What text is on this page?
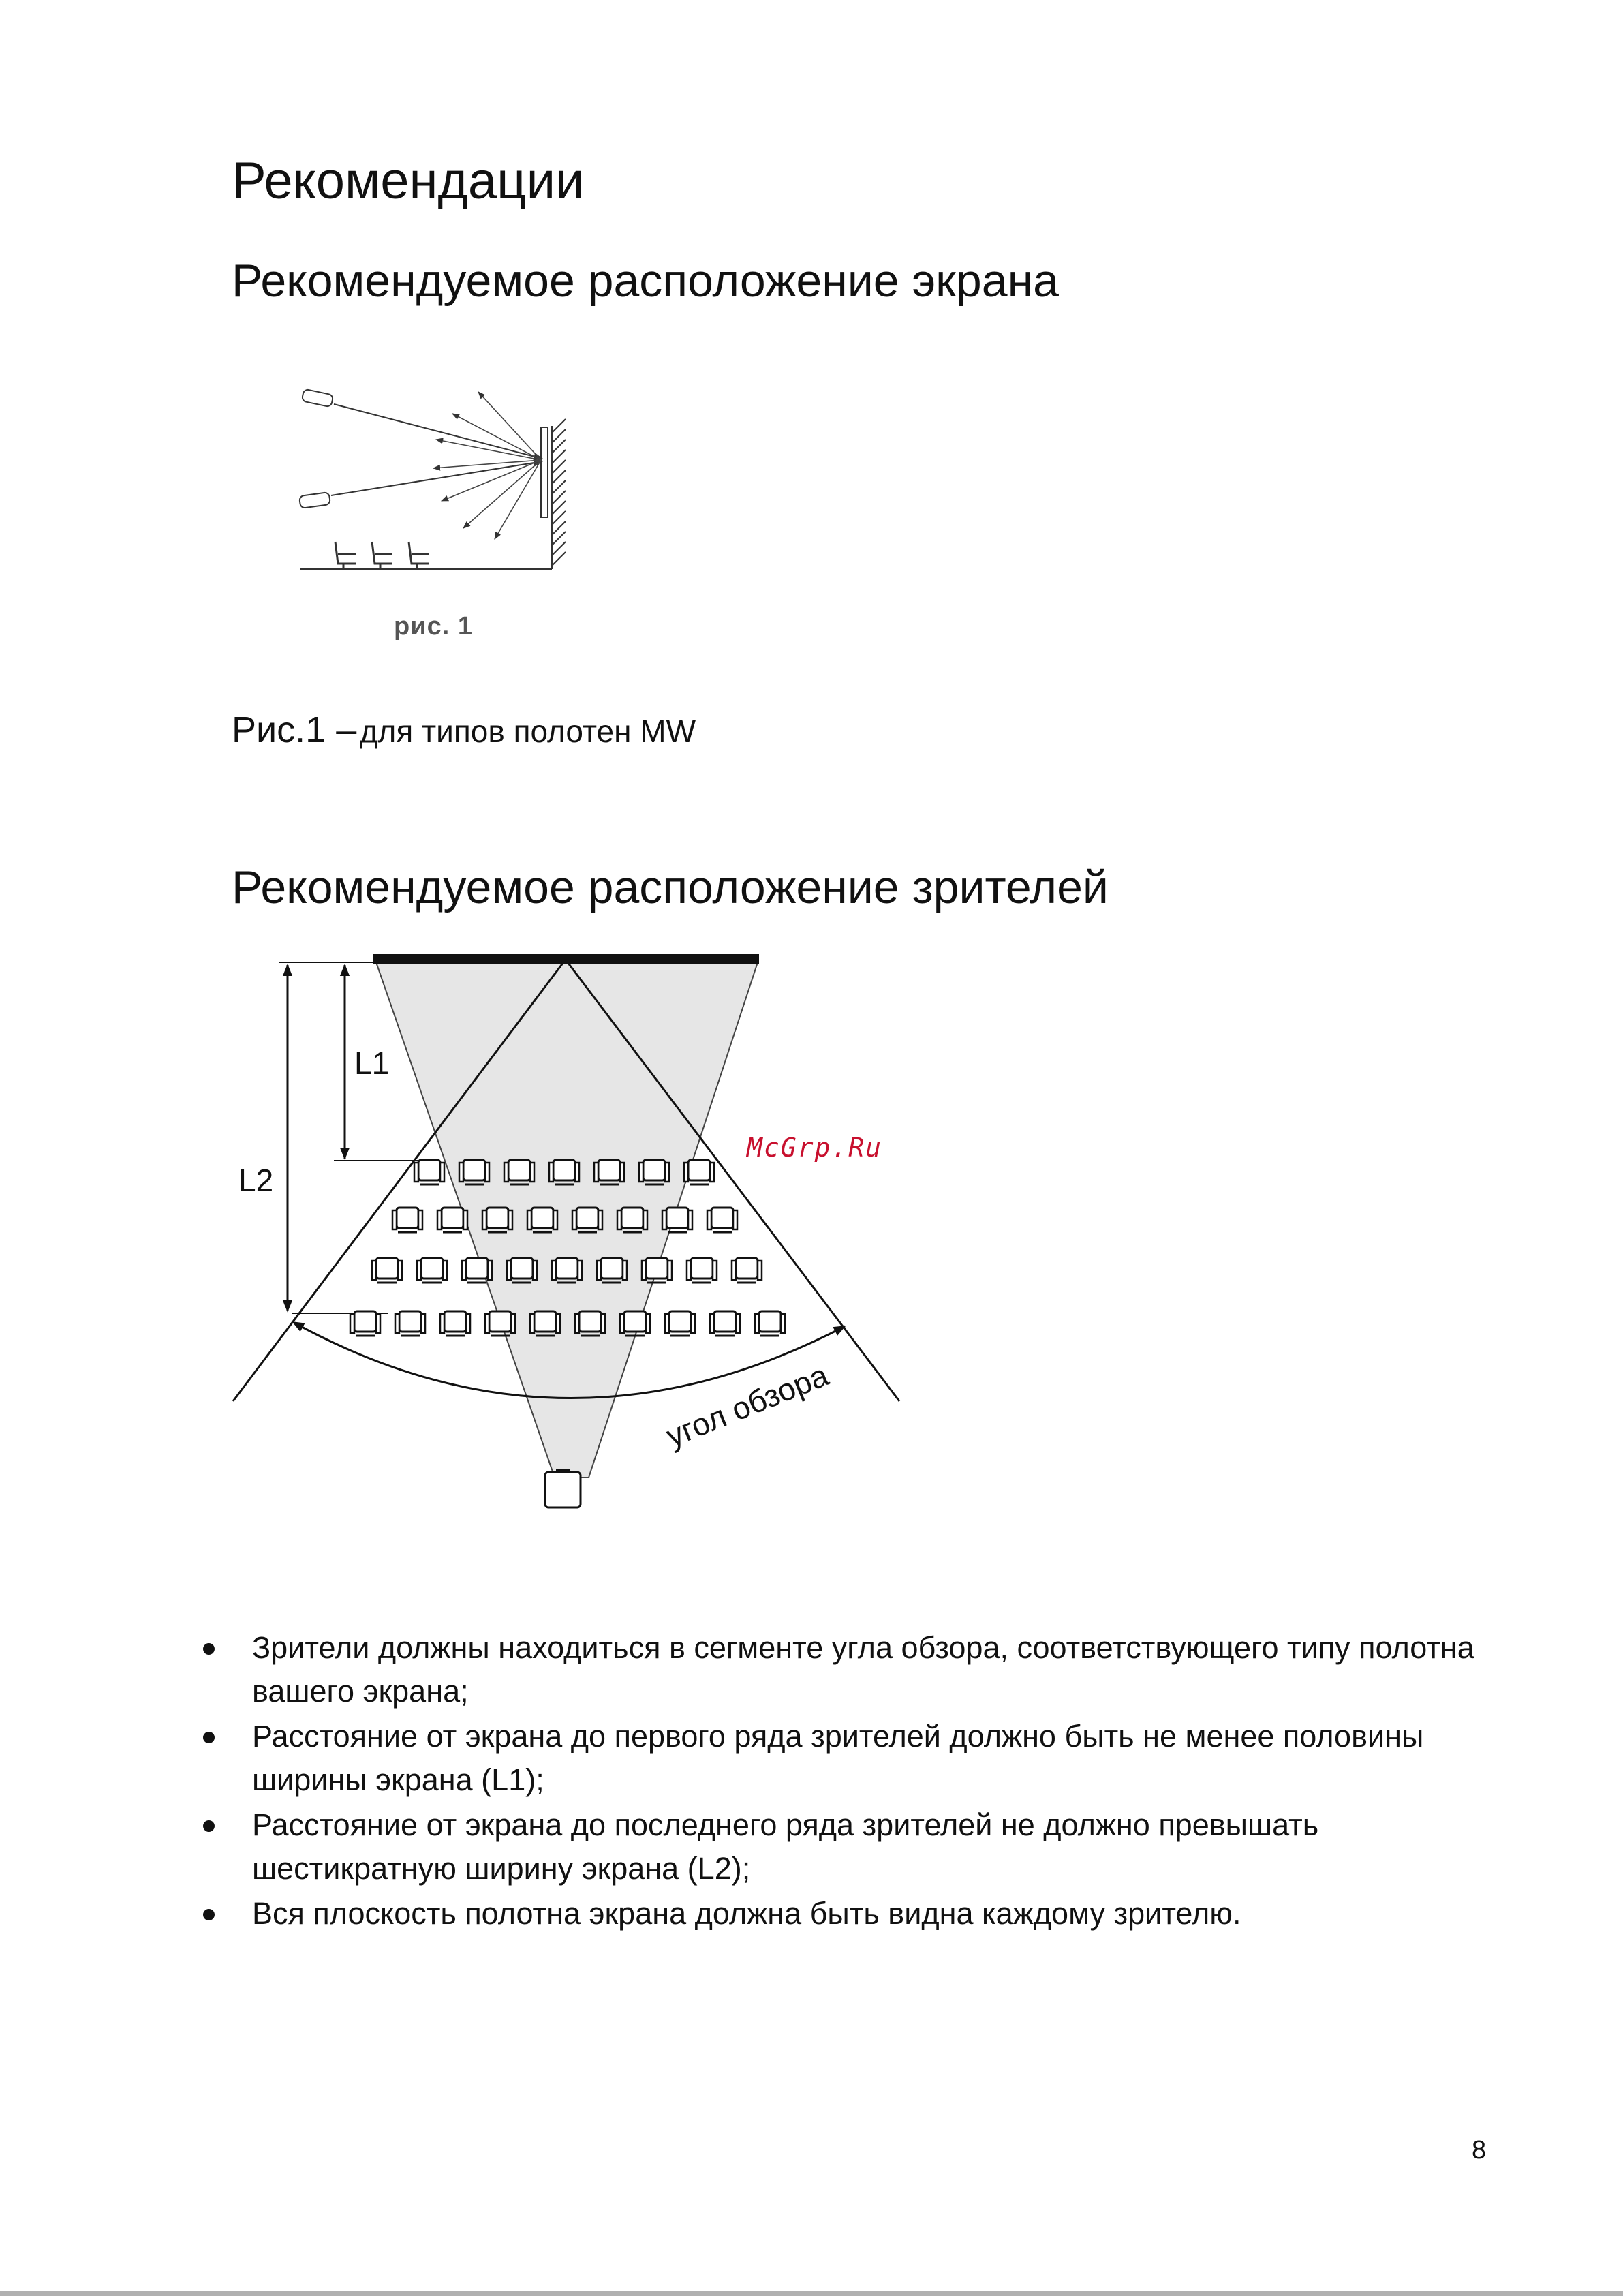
Рекомендации
Рекомендуемое расположение экрана
рис. 1
Рис.1 – для типов полотен MW
Рекомендуемое расположение зрителей
L1
L2
угол обзора
McGrp.Ru
Зрители должны находиться в сегменте угла обзора, соответствующего типу полотна вашего экрана;
Расстояние от экрана до первого ряда зрителей должно быть не менее половины ширины экрана (L1);
Расстояние от экрана до последнего ряда зрителей не должно превышать шестикратную ширину экрана (L2);
Вся плоскость полотна экрана должна быть видна каждому зрителю.
8
